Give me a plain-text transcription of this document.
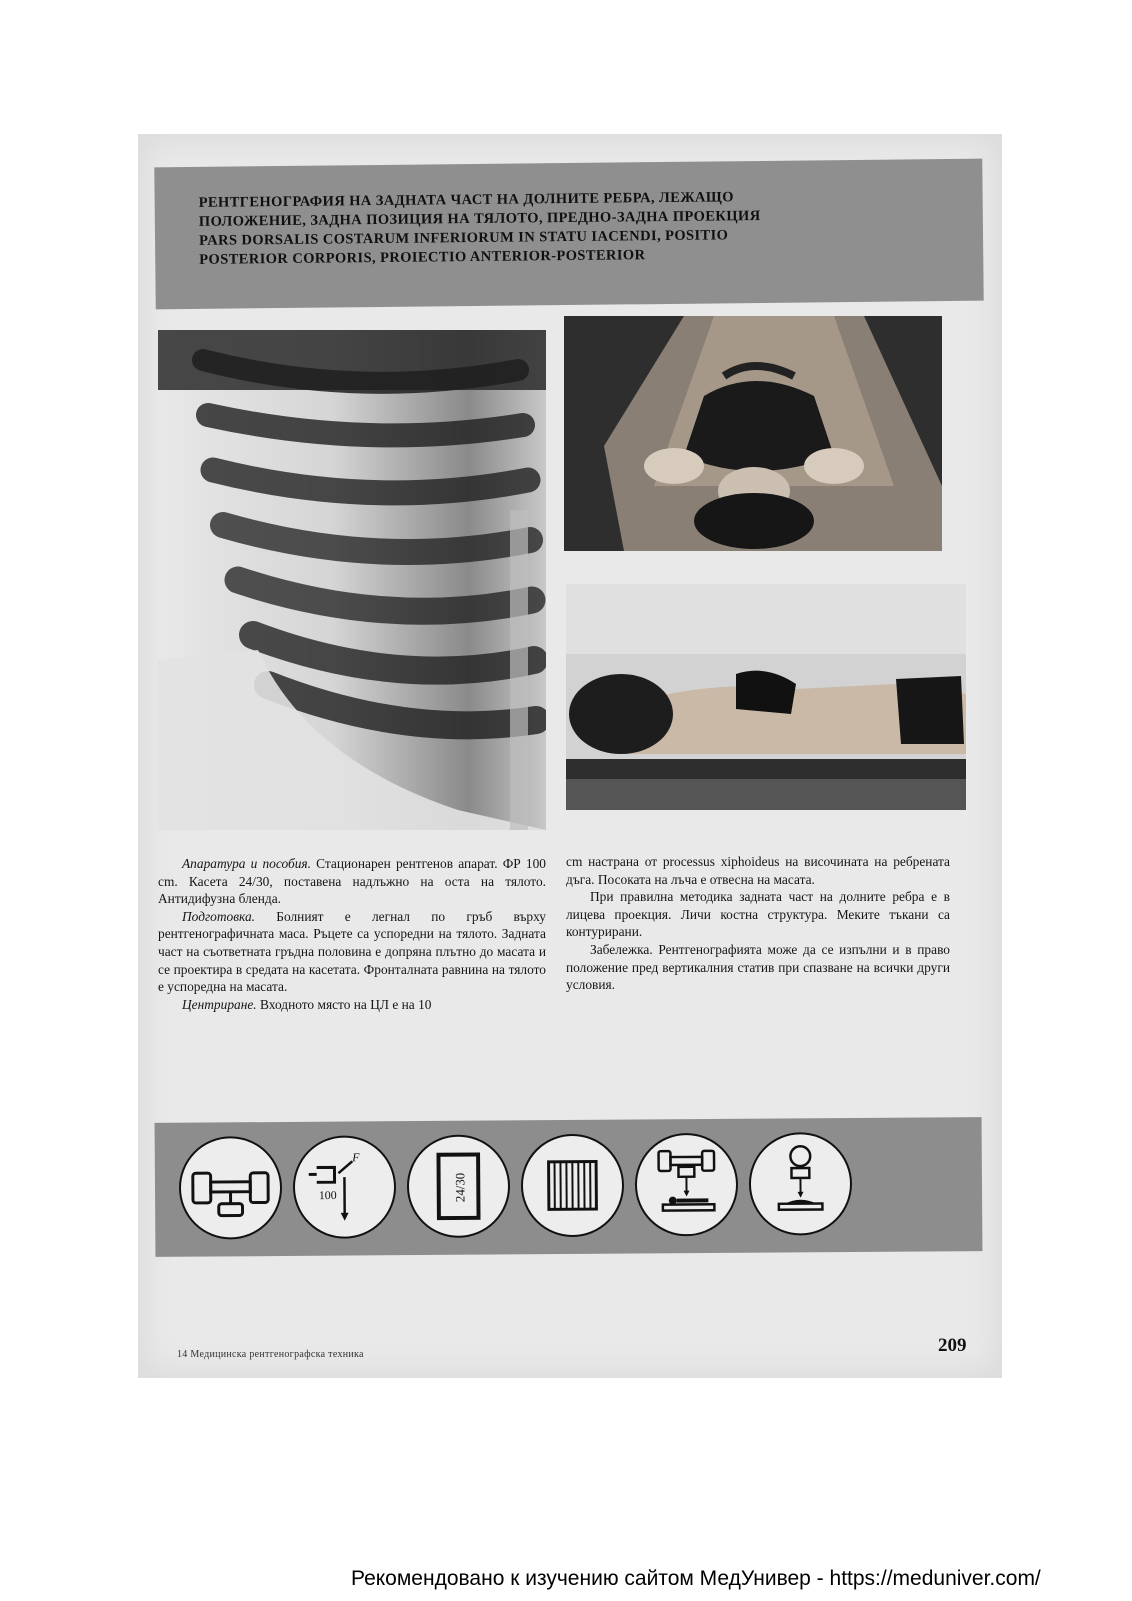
РЕНТГЕНОГРАФИЯ НА ЗАДНАТА ЧАСТ НА ДОЛНИТЕ РЕБРА, ЛЕЖАЩО
ПОЛОЖЕНИЕ, ЗАДНА ПОЗИЦИЯ НА ТЯЛОТО, ПРЕДНО-ЗАДНА ПРОЕКЦИЯ
PARS DORSALIS COSTARUM INFERIORUM IN STATU IACENDI, POSITIO
POSTERIOR CORPORIS, PROIECTIO ANTERIOR-POSTERIOR

Апаратура и пособия. Стационарен рентгенов апарат. ФР 100 cm. Касета 24/30, поставена надлъжно на оста на тялото. Антидифузна бленда.

Подготовка. Болният е легнал по гръб върху рентгенографичната маса. Ръцете са успоредни на тялото. Задната част на съответната гръдна половина е допряна плътно до масата и се проектира в средата на касетата. Фронталната равнина на тялото е успоредна на масата.

Центриране. Входното място на ЦЛ е на 10

cm настрана от processus xiphoideus на височината на ребрената дъга. Посоката на лъча е отвесна на масата.

При правилна методика задната част на долните ребра е в лицева проекция. Личи костна структура. Меките тъкани са контурирани.

Забележка. Рентгенографията може да се изпълни и в право положение пред вертикалния статив при спазване на всички други условия.

F
100	24/30
14 Медицинска рентгенографска техника	209
Рекомендовано к изучению сайтом МедУнивер - https://meduniver.com/
